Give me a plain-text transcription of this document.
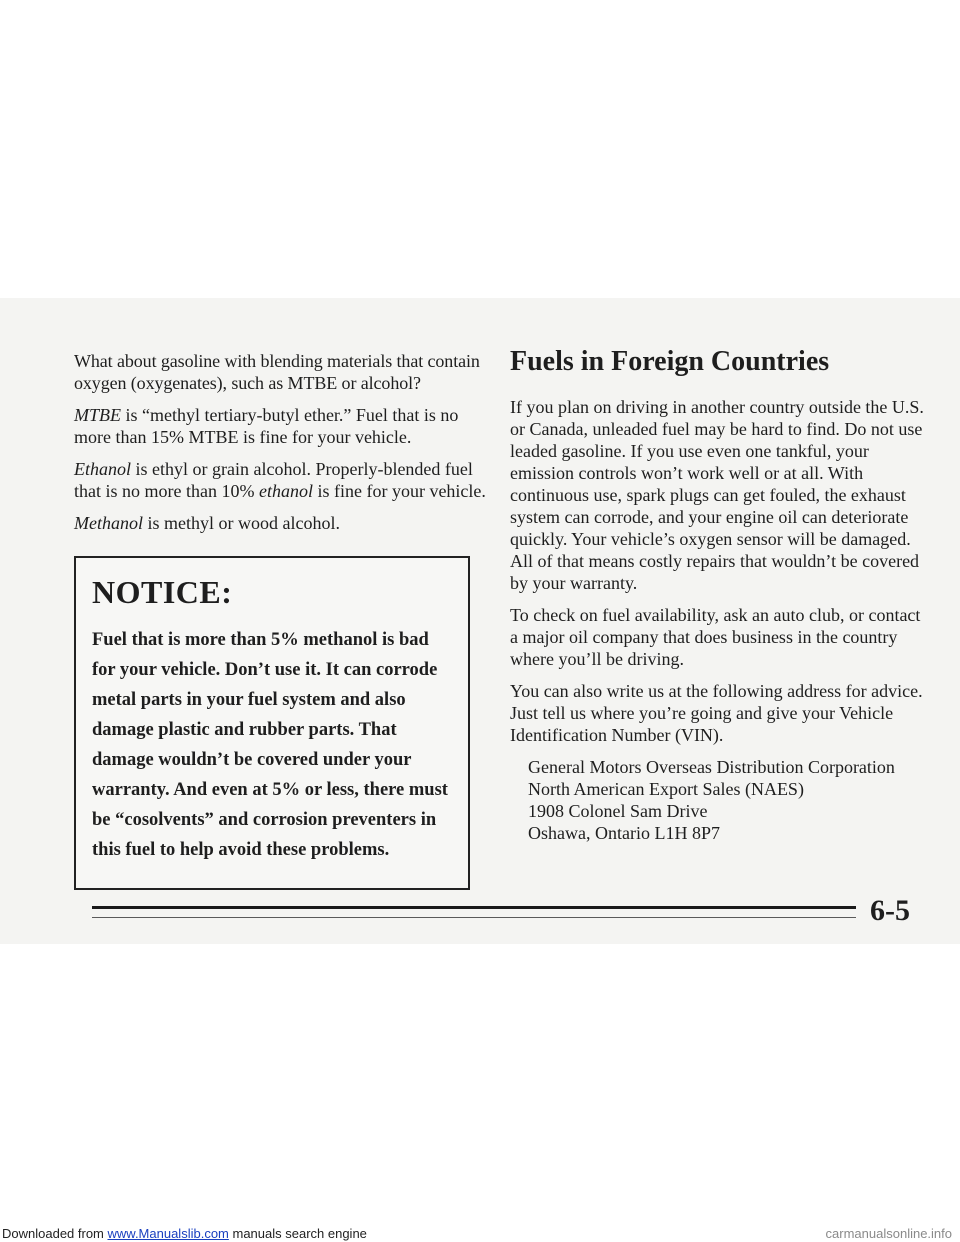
What about gasoline with blending materials that contain oxygen (oxygenates), such as MTBE or alcohol?

MTBE is “methyl tertiary-butyl ether.” Fuel that is no more than 15% MTBE is fine for your vehicle.

Ethanol is ethyl or grain alcohol. Properly-blended fuel that is no more than 10% ethanol is fine for your vehicle.

Methanol is methyl or wood alcohol.

NOTICE:

Fuel that is more than 5% methanol is bad for your vehicle. Don’t use it. It can corrode metal parts in your fuel system and also damage plastic and rubber parts. That damage wouldn’t be covered under your warranty. And even at 5% or less, there must be “cosolvents” and corrosion preventers in this fuel to help avoid these problems.

Fuels in Foreign Countries

If you plan on driving in another country outside the U.S. or Canada, unleaded fuel may be hard to find. Do not use leaded gasoline. If you use even one tankful, your emission controls won’t work well or at all. With continuous use, spark plugs can get fouled, the exhaust system can corrode, and your engine oil can deteriorate quickly. Your vehicle’s oxygen sensor will be damaged. All of that means costly repairs that wouldn’t be covered by your warranty.

To check on fuel availability, ask an auto club, or contact a major oil company that does business in the country where you’ll be driving.

You can also write us at the following address for advice. Just tell us where you’re going and give your Vehicle Identification Number (VIN).

General Motors Overseas Distribution Corporation
North American Export Sales (NAES)
1908 Colonel Sam Drive
Oshawa, Ontario L1H 8P7
6-5
Downloaded from www.Manualslib.com manuals search engine	carmanualsonline.info
